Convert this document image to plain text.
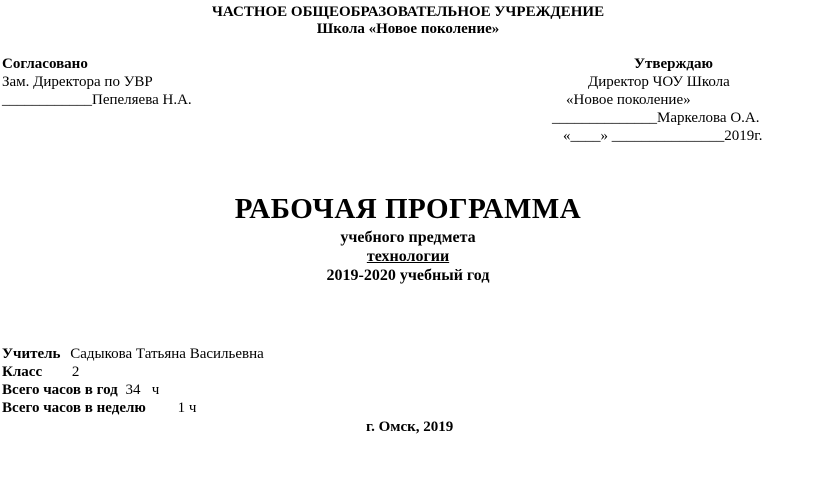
ЧАСТНОЕ ОБЩЕОБРАЗОВАТЕЛЬНОЕ УЧРЕЖДЕНИЕ
Школа «Новое поколение»
Согласовано
Зам. Директора по УВР
____________Пепеляева Н.А.
Утверждаю
Директор ЧОУ Школа
«Новое поколение»
______________Маркелова О.А.
«____» _______________2019г.
РАБОЧАЯ ПРОГРАММА
учебного предмета
технологии
2019-2020 учебный год
Учитель Садыкова Татьяна Васильевна
Класс 2
Всего часов в год 34   ч
Всего часов в неделю 1 ч
г. Омск, 2019
